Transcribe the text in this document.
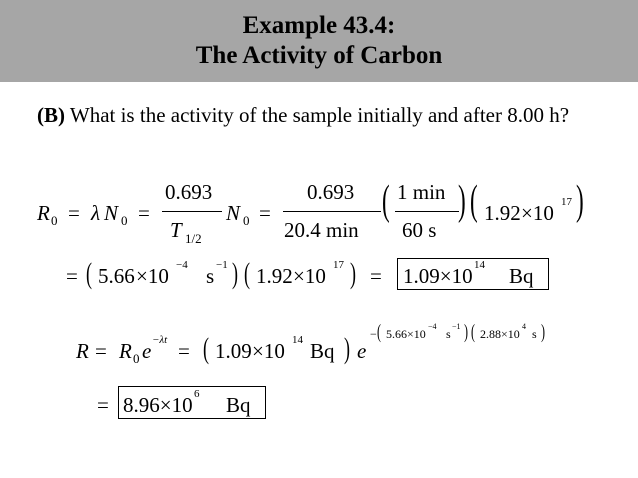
Example 43.4:
The Activity of Carbon
(B) What is the activity of the sample initially and after 8.00 h?
R 0 = λ N 0 =
0.693
T 1/2
N 0 =
0.693
20.4 min
( 1 min
60 s
) ( 1.92 ×10 17 )
= ( 5.66 ×10 −4 s −1 ) ( 1.92 ×10 17 ) = 1.09×10 14 Bq
R = R 0 e −λt = ( 1.09 ×10 14 Bq ) e
− ( 5.66×10
−4
s
−1 ) ( 2.88×10
4
s )
= 8.96×10 6 Bq
